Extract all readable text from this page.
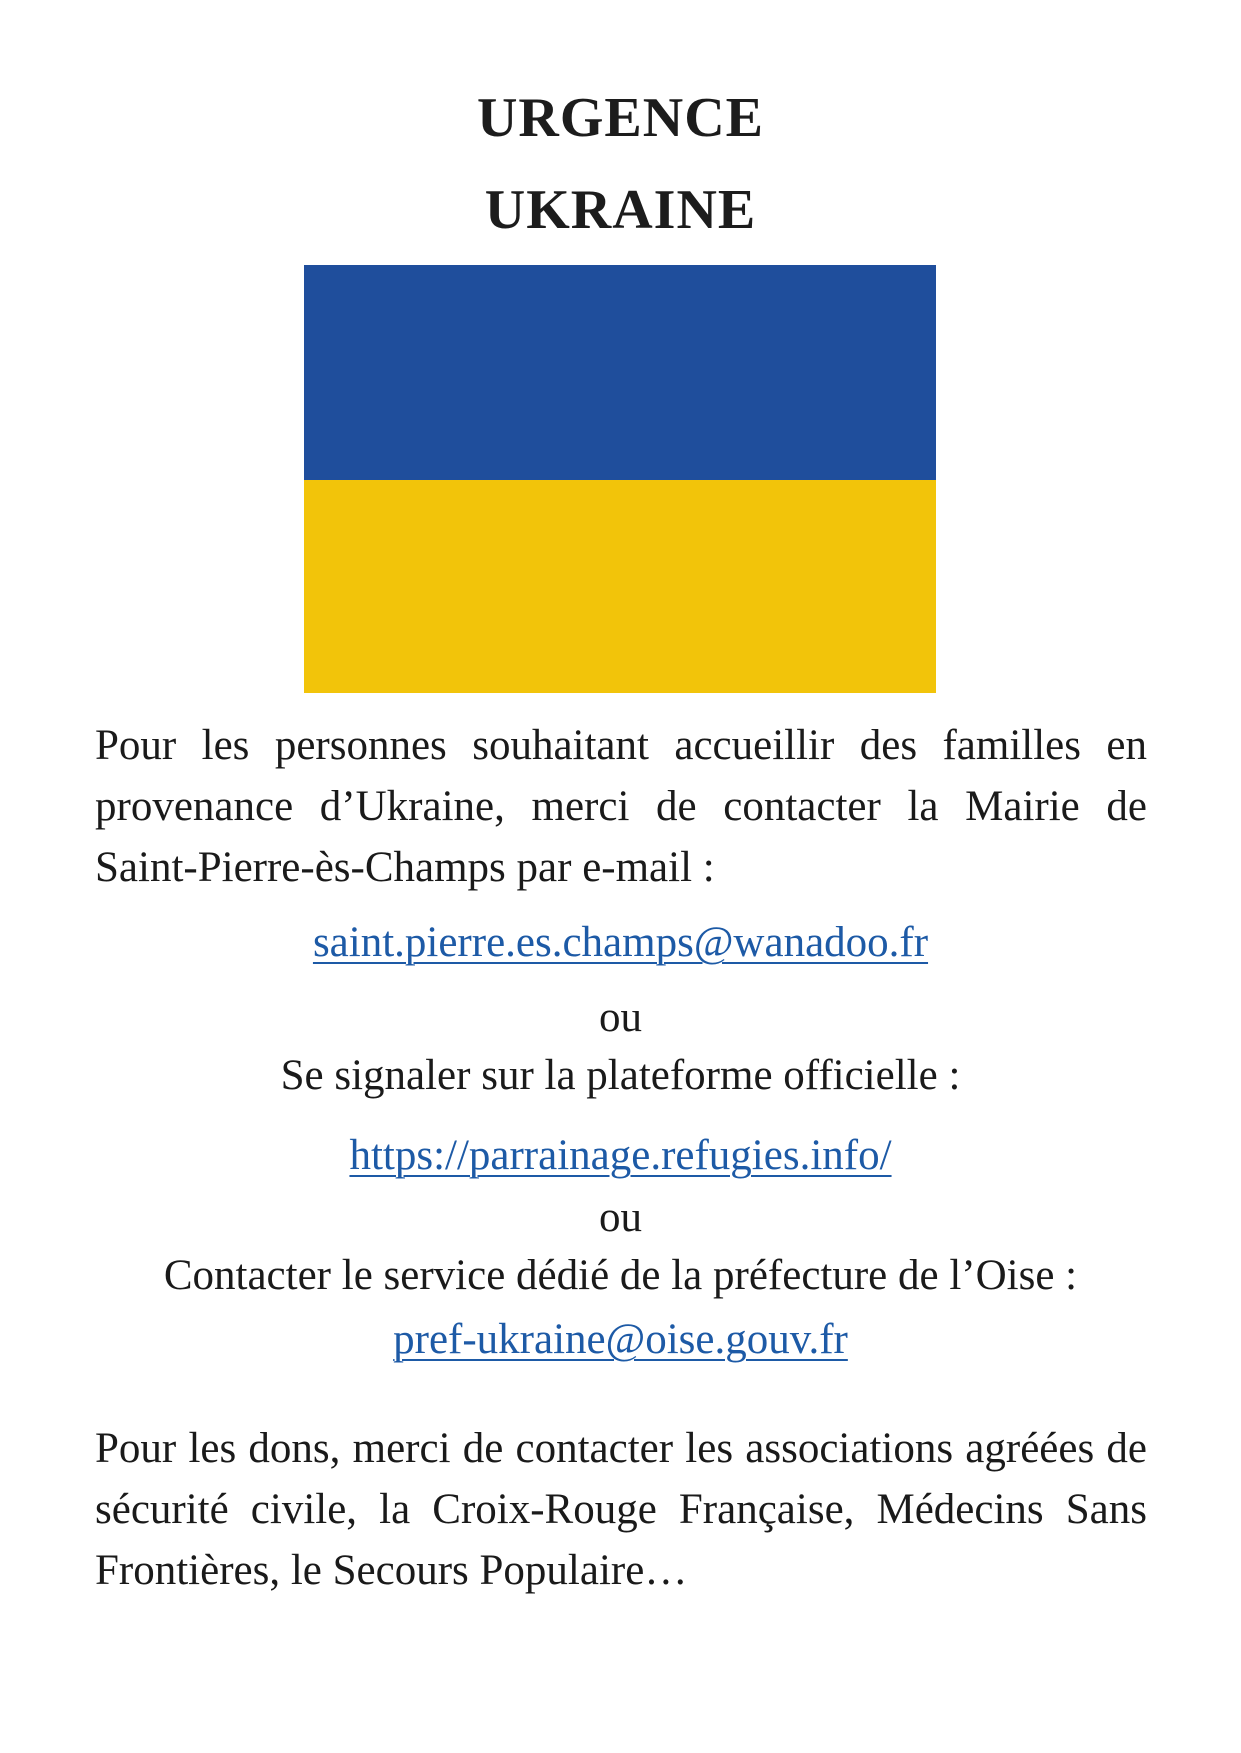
URGENCE
UKRAINE
Pour les personnes souhaitant accueillir des familles en provenance d’Ukraine, merci de contacter la Mairie de Saint-Pierre-ès-Champs par e-mail :
saint.pierre.es.champs@wanadoo.fr
ou
Se signaler sur la plateforme officielle :
https://parrainage.refugies.info/
ou
Contacter le service dédié de la préfecture de l’Oise :
pref-ukraine@oise.gouv.fr
Pour les dons, merci de contacter les associations agréées de sécurité civile, la Croix-Rouge Française, Médecins Sans Frontières, le Secours Populaire…
